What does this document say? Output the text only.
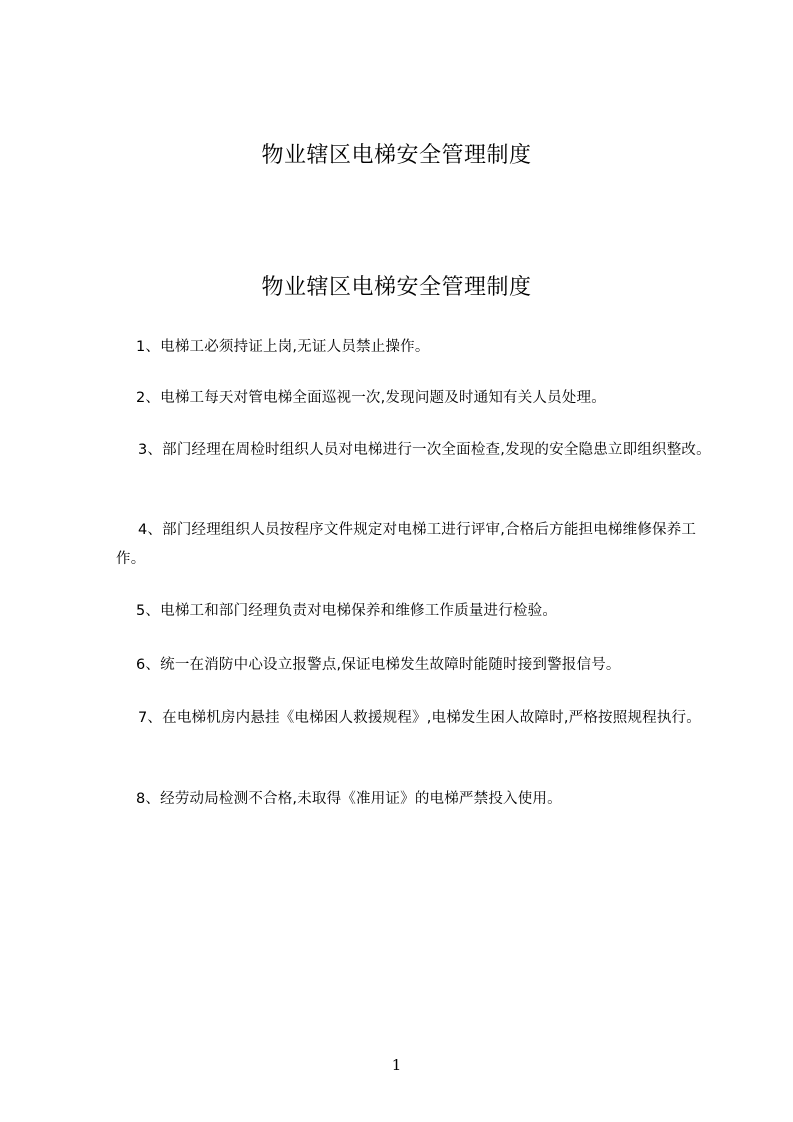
物业辖区电梯安全管理制度
物业辖区电梯安全管理制度
1、电梯工必须持证上岗,无证人员禁止操作。
2、电梯工每天对管电梯全面巡视一次,发现问题及时通知有关人员处理。
3、部门经理在周检时组织人员对电梯进行一次全面检查,发现的安全隐患立即组织整改。
4、部门经理组织人员按程序文件规定对电梯工进行评审,合格后方能担电梯维修保养工作。
5、电梯工和部门经理负责对电梯保养和维修工作质量进行检验。
6、统一在消防中心设立报警点,保证电梯发生故障时能随时接到警报信号。
7、在电梯机房内悬挂《电梯困人救援规程》,电梯发生困人故障时,严格按照规程执行。
8、经劳动局检测不合格,未取得《准用证》的电梯严禁投入使用。
1
